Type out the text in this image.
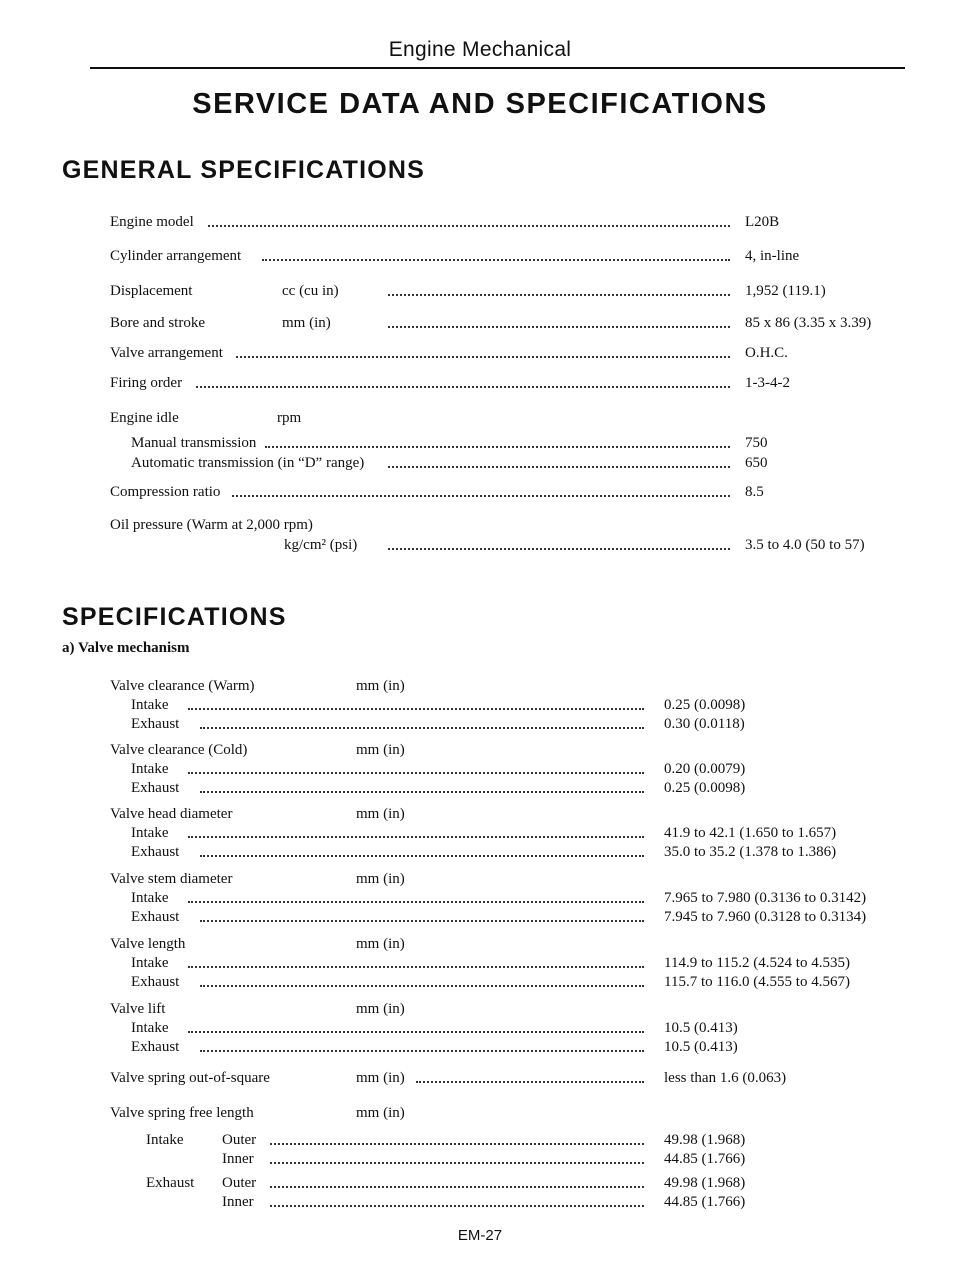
Engine Mechanical
SERVICE DATA AND SPECIFICATIONS
GENERAL SPECIFICATIONS
Engine model	L20B
Cylinder arrangement	4, in-line
Displacement	cc (cu in)	1,952 (119.1)
Bore and stroke	mm (in)	85 x 86 (3.35 x 3.39)
Valve arrangement	O.H.C.
Firing order	1-3-4-2
Engine idle	rpm
Manual transmission	750
Automatic transmission (in “D” range)	650
Compression ratio	8.5
Oil pressure (Warm at 2,000 rpm)
kg/cm² (psi)	3.5 to 4.0 (50 to 57)
SPECIFICATIONS
a) Valve mechanism
Valve clearance (Warm)	mm (in)
Intake	0.25 (0.0098)
Exhaust	0.30 (0.0118)
Valve clearance (Cold)	mm (in)
Intake	0.20 (0.0079)
Exhaust	0.25 (0.0098)
Valve head diameter	mm (in)
Intake	41.9 to 42.1 (1.650 to 1.657)
Exhaust	35.0 to 35.2 (1.378 to 1.386)
Valve stem diameter	mm (in)
Intake	7.965 to 7.980 (0.3136 to 0.3142)
Exhaust	7.945 to 7.960 (0.3128 to 0.3134)
Valve length	mm (in)
Intake	114.9 to 115.2 (4.524 to 4.535)
Exhaust	115.7 to 116.0 (4.555 to 4.567)
Valve lift	mm (in)
Intake	10.5 (0.413)
Exhaust	10.5 (0.413)
Valve spring out-of-square	mm (in)	less than 1.6 (0.063)
Valve spring free length	mm (in)
Intake	Outer	49.98 (1.968)
Inner	44.85 (1.766)
Exhaust Outer	49.98 (1.968)
Inner	44.85 (1.766)
EM-27
